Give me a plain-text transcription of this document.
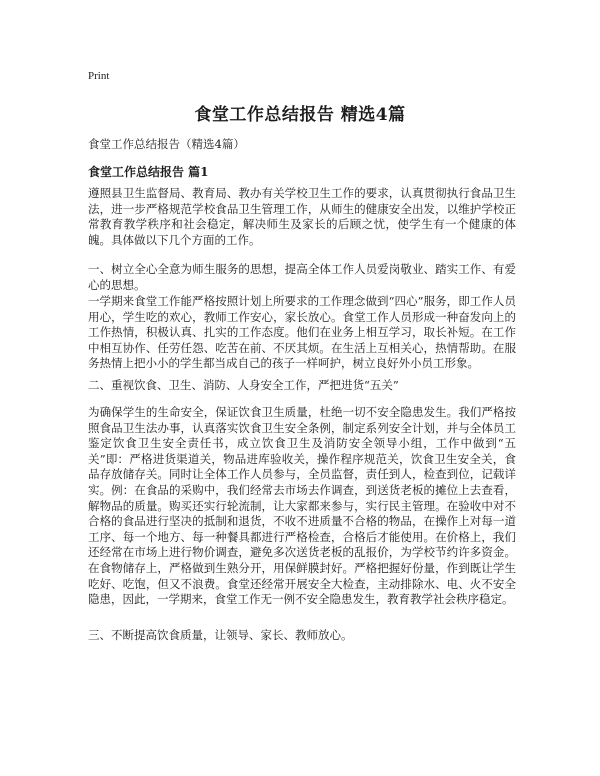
Print
食堂工作总结报告 精选4篇
食堂工作总结报告（精选4篇）
食堂工作总结报告 篇1
遵照县卫生监督局、教育局、教办有关学校卫生工作的要求，认真贯彻执行食品卫生法，进一步严格规范学校食品卫生管理工作，从师生的健康安全出发，以维护学校正常教育教学秩序和社会稳定，解决师生及家长的后顾之忧，使学生有一个健康的体魄。具体做以下几个方面的工作。
一、树立全心全意为师生服务的思想，提高全体工作人员爱岗敬业、踏实工作、有爱心的思想。
一学期来食堂工作能严格按照计划上所要求的工作理念做到“四心”服务，即工作人员用心，学生吃的欢心，教师工作安心，家长放心。食堂工作人员形成一种奋发向上的工作热情，积极认真、扎实的工作态度。他们在业务上相互学习，取长补短。在工作中相互协作、任劳任怨、吃苦在前、不厌其烦。在生活上互相关心，热情帮助。在服务热情上把小小的学生都当成自己的孩子一样呵护，树立良好外小员工形象。
二、重视饮食、卫生、消防、人身安全工作，严把进货“五关”
为确保学生的生命安全，保证饮食卫生质量，杜绝一切不安全隐患发生。我们严格按照食品卫生法办事，认真落实饮食卫生安全条例，制定系列安全计划，并与全体员工鉴定饮食卫生安全责任书，成立饮食卫生及消防安全领导小组，工作中做到“五关”即：严格进货渠道关，物品进库验收关，操作程序规范关，饮食卫生安全关，食品存放储存关。同时让全体工作人员参与，全员监督，责任到人，检查到位，记载详实。例：在食品的采购中，我们经常去市场去作调查，到送货老板的摊位上去查看，解物品的质量。购买还实行轮流制，让大家都来参与，实行民主管理。在验收中对不合格的食品进行坚决的抵制和退货，不收不进质量不合格的物品，在操作上对每一道工序、每一个地方、每一种餐具都进行严格检查，合格后才能使用。在价格上，我们还经常在市场上进行物价调查，避免多次送货老板的乱报价，为学校节约许多资金。在食物储存上，严格做到生熟分开，用保鲜膜封好。严格把握好份量，作到既让学生吃好、吃饱，但又不浪费。食堂还经常开展安全大检查，主动排除水、电、火不安全隐患，因此，一学期来，食堂工作无一例不安全隐患发生，教育教学社会秩序稳定。
三、不断提高饮食质量，让领导、家长、教师放心。
